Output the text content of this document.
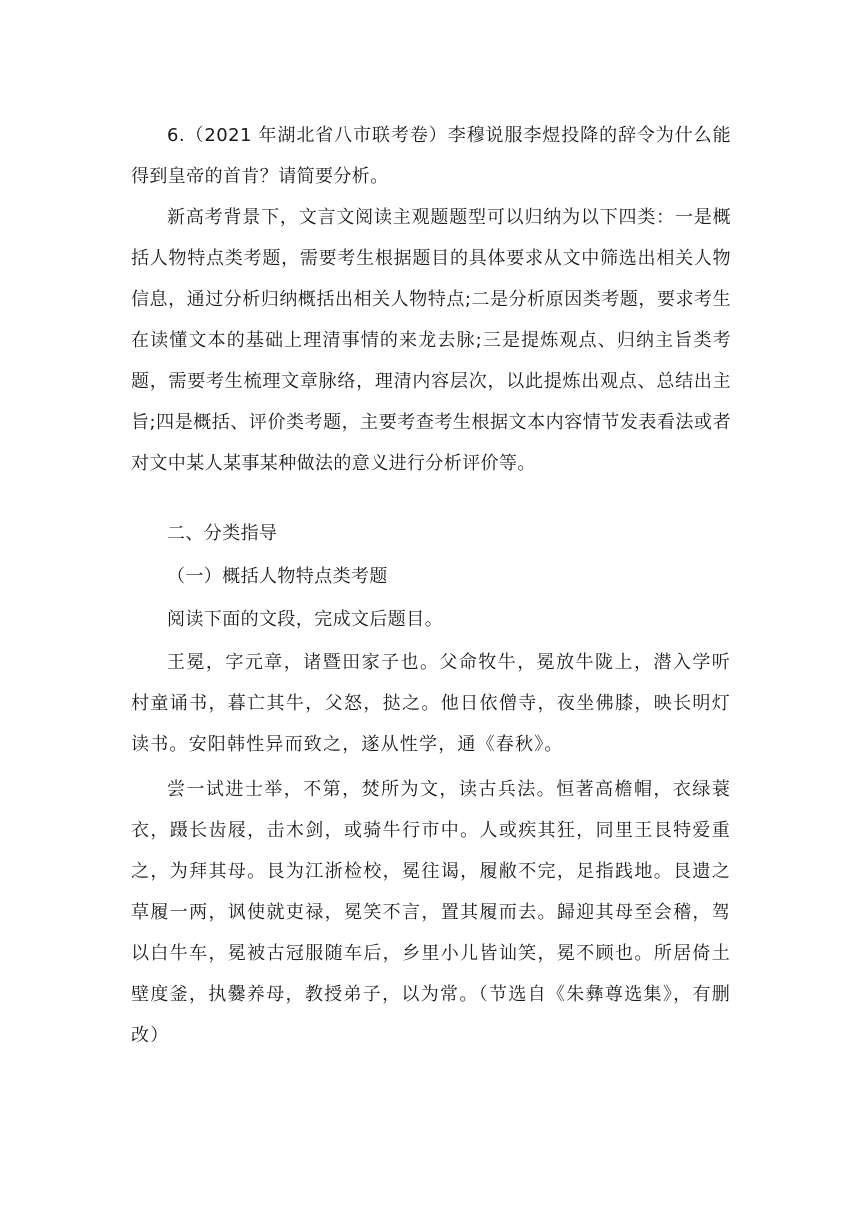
6.（2021 年湖北省八市联考卷）李穆说服李煜投降的辞令为什么能得到皇帝的首肯？请简要分析。

新高考背景下，文言文阅读主观题题型可以归纳为以下四类：一是概括人物特点类考题，需要考生根据题目的具体要求从文中筛选出相关人物信息，通过分析归纳概括出相关人物特点;二是分析原因类考题，要求考生在读懂文本的基础上理清事情的来龙去脉;三是提炼观点、归纳主旨类考题，需要考生梳理文章脉络，理清内容层次，以此提炼出观点、总结出主旨;四是概括、评价类考题，主要考查考生根据文本内容情节发表看法或者对文中某人某事某种做法的意义进行分析评价等。

二、分类指导

（一）概括人物特点类考题

阅读下面的文段，完成文后题目。

王冕，字元章，诸暨田家子也。父命牧牛，冕放牛陇上，潜入学听村童诵书，暮亡其牛，父怒，挞之。他日依僧寺，夜坐佛膝，映长明灯读书。安阳韩性异而致之，遂从性学，通《春秋》。

尝一试进士举，不第，焚所为文，读古兵法。恒著高檐帽，衣绿蓑衣，蹑长齿屐，击木剑，或骑牛行市中。人或疾其狂，同里王艮特爱重之，为拜其母。艮为江浙检校，冕往谒，履敝不完，足指践地。艮遗之草履一两，讽使就吏禄，冕笑不言，置其履而去。歸迎其母至会稽，驾以白牛车，冕被古冠服随车后，乡里小儿皆讪笑，冕不顾也。所居倚土壁度釜，执爨养母，教授弟子，以为常。（节选自《朱彝尊选集》，有删改）
